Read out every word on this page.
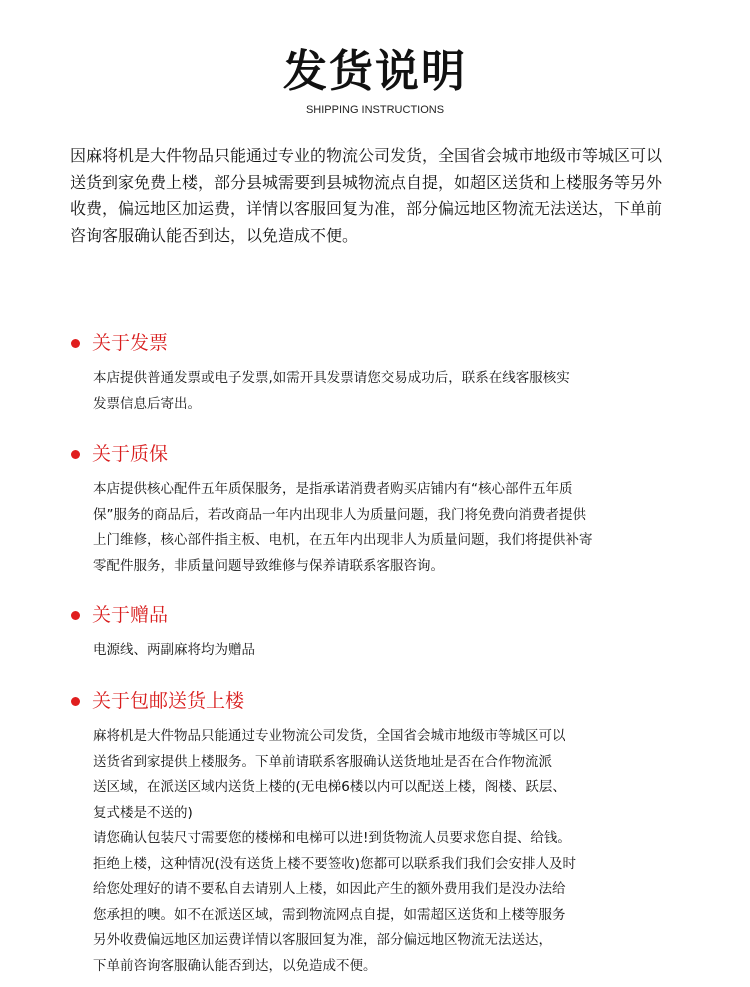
发货说明
SHIPPING INSTRUCTIONS
因麻将机是大件物品只能通过专业的物流公司发货，全国省会城市地级市等城区可以
送货到家免费上楼，部分县城需要到县城物流点自提，如超区送货和上楼服务等另外
收费，偏远地区加运费，详情以客服回复为准，部分偏远地区物流无法送达，下单前
咨询客服确认能否到达，以免造成不便。
关于发票

本店提供普通发票或电子发票,如需开具发票请您交易成功后，联系在线客服核实

发票信息后寄出。

关于质保

本店提供核心配件五年质保服务，是指承诺消费者购买店铺内有“核心部件五年质

保”服务的商品后，若改商品一年内出现非人为质量问题，我门将免费向消费者提供

上门维修，核心部件指主板、电机，在五年内出现非人为质量问题，我们将提供补寄

零配件服务，非质量问题导致维修与保养请联系客服咨询。

关于赠品

电源线、两副麻将均为赠品

关于包邮送货上楼

麻将机是大件物品只能通过专业物流公司发货，全国省会城市地级市等城区可以

送货省到家提供上楼服务。下单前请联系客服确认送货地址是否在合作物流派

送区域，在派送区域内送货上楼的(无电梯6楼以内可以配送上楼，阁楼、跃层、

复式楼是不送的)

请您确认包装尺寸需要您的楼梯和电梯可以进!到货物流人员要求您自提、给钱。

拒绝上楼，这种情况(没有送货上楼不要签收)您都可以联系我们我们会安排人及时

给您处理好的请不要私自去请别人上楼，如因此产生的额外费用我们是没办法给

您承担的噢。如不在派送区域，需到物流网点自提，如需超区送货和上楼等服务

另外收费偏远地区加运费详情以客服回复为准，部分偏远地区物流无法送达，

下单前咨询客服确认能否到达，以免造成不便。
